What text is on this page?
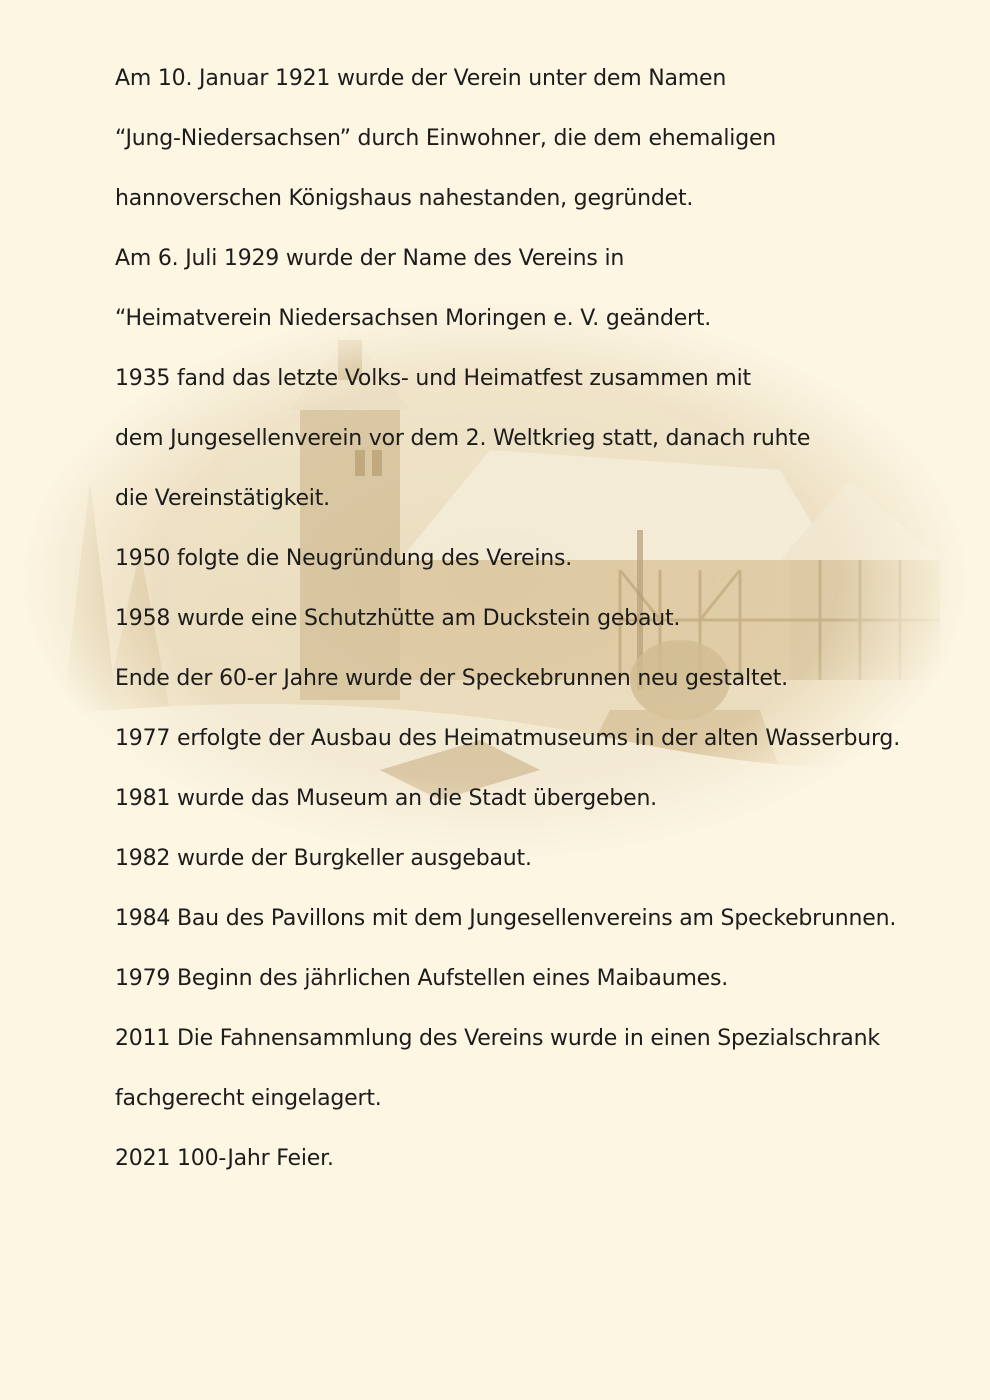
Am 10. Januar 1921 wurde der Verein unter dem Namen
“Jung-Niedersachsen” durch Einwohner, die dem ehemaligen
hannoverschen Königshaus nahestanden, gegründet.
Am 6. Juli 1929 wurde der Name des Vereins in
“Heimatverein Niedersachsen Moringen e. V. geändert.
1935 fand das letzte Volks- und Heimatfest zusammen mit
dem Jungesellenverein vor dem 2. Weltkrieg statt, danach ruhte
die Vereinstätigkeit.
1950 folgte die Neugründung des Vereins.
1958 wurde eine Schutzhütte am Duckstein gebaut.
Ende der 60-er Jahre wurde der Speckebrunnen neu gestaltet.
1977 erfolgte der Ausbau des Heimatmuseums in der alten Wasserburg.
1981 wurde das Museum an die Stadt übergeben.
1982 wurde der Burgkeller ausgebaut.
1984 Bau des Pavillons mit dem Jungesellenvereins am Speckebrunnen.
1979 Beginn des jährlichen Aufstellen eines Maibaumes.
2011 Die Fahnensammlung des Vereins wurde in einen Spezialschrank
fachgerecht eingelagert.
2021 100-Jahr Feier.
